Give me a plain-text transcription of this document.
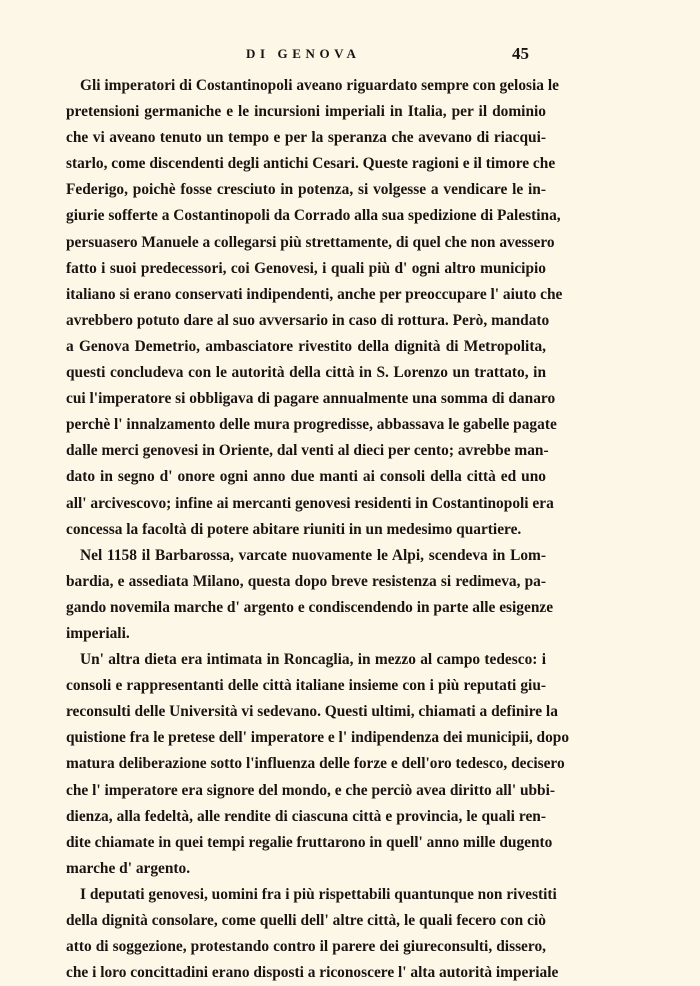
DI GENOVA	45
Gli imperatori di Costantinopoli aveano riguardato sempre con gelosia le
pretensioni germaniche e le incursioni imperiali in Italia, per il dominio
che vi aveano tenuto un tempo e per la speranza che avevano di riacqui-
starlo, come discendenti degli antichi Cesari. Queste ragioni e il timore che
Federigo, poichè fosse cresciuto in potenza, si volgesse a vendicare le in-
giurie sofferte a Costantinopoli da Corrado alla sua spedizione di Palestina,
persuasero Manuele a collegarsi più strettamente, di quel che non avessero
fatto i suoi predecessori, coi Genovesi, i quali più d' ogni altro municipio
italiano si erano conservati indipendenti, anche per preoccupare l' aiuto che
avrebbero potuto dare al suo avversario in caso di rottura. Però, mandato
a Genova Demetrio, ambasciatore rivestito della dignità di Metropolita,
questi concludeva con le autorità della città in S. Lorenzo un trattato, in
cui l'imperatore si obbligava di pagare annualmente una somma di danaro
perchè l' innalzamento delle mura progredisse, abbassava le gabelle pagate
dalle merci genovesi in Oriente, dal venti al dieci per cento; avrebbe man-
dato in segno d' onore ogni anno due manti ai consoli della città ed uno
all' arcivescovo; infine ai mercanti genovesi residenti in Costantinopoli era
concessa la facoltà di potere abitare riuniti in un medesimo quartiere.
Nel 1158 il Barbarossa, varcate nuovamente le Alpi, scendeva in Lom-
bardia, e assediata Milano, questa dopo breve resistenza si redimeva, pa-
gando novemila marche d' argento e condiscendendo in parte alle esigenze
imperiali.
Un' altra dieta era intimata in Roncaglia, in mezzo al campo tedesco: i
consoli e rappresentanti delle città italiane insieme con i più reputati giu-
reconsulti delle Università vi sedevano. Questi ultimi, chiamati a definire la
quistione fra le pretese dell' imperatore e l' indipendenza dei municipii, dopo
matura deliberazione sotto l'influenza delle forze e dell'oro tedesco, decisero
che l' imperatore era signore del mondo, e che perciò avea diritto all' ubbi-
dienza, alla fedeltà, alle rendite di ciascuna città e provincia, le quali ren-
dite chiamate in quei tempi regalie fruttarono in quell' anno mille dugento
marche d' argento.
I deputati genovesi, uomini fra i più rispettabili quantunque non rivestiti
della dignità consolare, come quelli dell' altre città, le quali fecero con ciò
atto di soggezione, protestando contro il parere dei giureconsulti, dissero,
che i loro concittadini erano disposti a riconoscere l' alta autorità imperiale
